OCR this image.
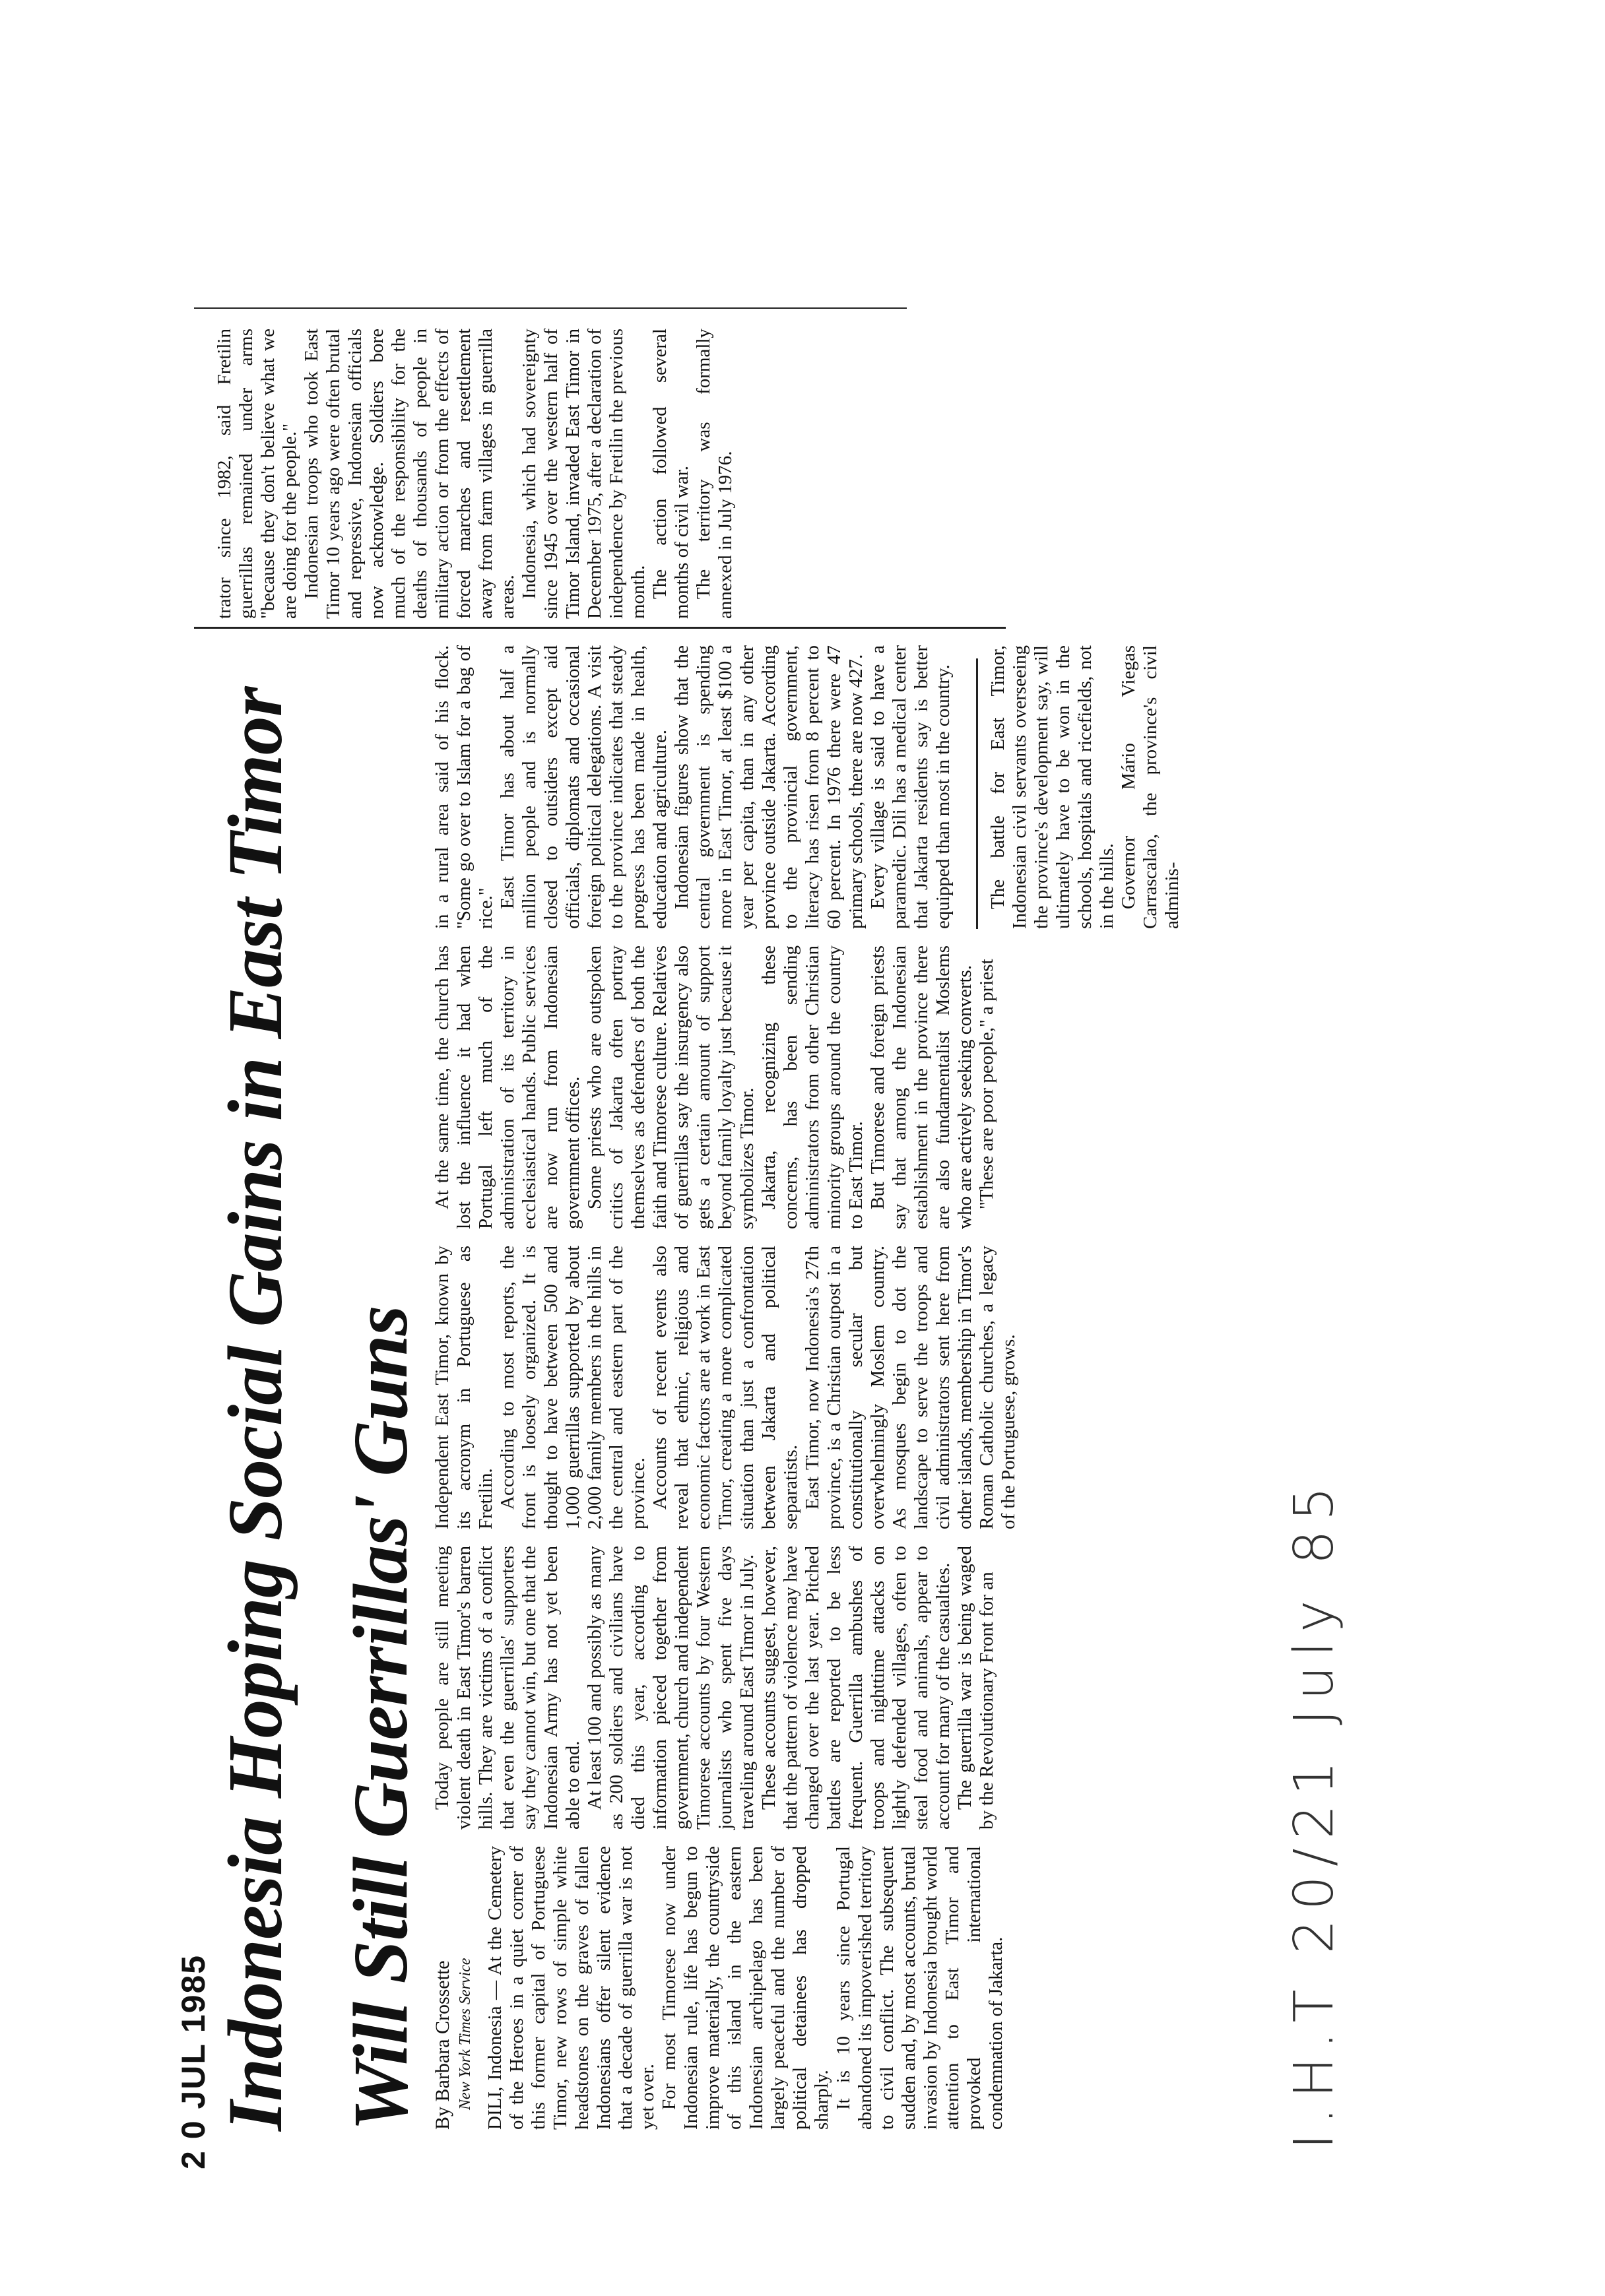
2 0 JUL 1985 Indonesia Hoping Social Gains in East Timor Will Still Guerrillas' Guns By Barbara Crossette New York Times Service DILI, Indonesia — At the Cemetery of the Heroes in a quiet corner of this former capital of Portuguese Timor, new rows of simple white headstones on the graves of fallen Indonesians offer silent evidence that a decade of guerrilla war is not yet over. For most Timorese now under Indonesian rule, life has begun to improve materially, the countryside of this island in the eastern Indonesian archipelago has been largely peaceful and the number of political detainees has dropped sharply. It is 10 years since Portugal abandoned its impoverished territory to civil conflict. The subsequent sudden and, by most accounts, brutal invasion by Indonesia brought world attention to East Timor and provoked international condemnation of Jakarta.

Today people are still meeting violent death in East Timor's barren hills. They are victims of a conflict that even the guerrillas' supporters say they cannot win, but one that the Indonesian Army has not yet been able to end. At least 100 and possibly as many as 200 soldiers and civilians have died this year, according to information pieced together from government, church and independent Timorese accounts by four Western journalists who spent five days traveling around East Timor in July. These accounts suggest, however, that the pattern of violence may have changed over the last year. Pitched battles are reported to be less frequent. Guerrilla ambushes of troops and nighttime attacks on lightly defended villages, often to steal food and animals, appear to account for many of the casualties. The guerrilla war is being waged by the Revolutionary Front for an

Independent East Timor, known by its acronym in Portuguese as Fretilin. According to most reports, the front is loosely organized. It is thought to have between 500 and 1,000 guerrillas supported by about 2,000 family members in the hills in the central and eastern part of the province. Accounts of recent events also reveal that ethnic, religious and economic factors are at work in East Timor, creating a more complicated situation than just a confrontation between Jakarta and political separatists. East Timor, now Indonesia's 27th province, is a Christian outpost in a constitutionally secular but overwhelmingly Moslem country. As mosques begin to dot the landscape to serve the troops and civil administrators sent here from other islands, membership in Timor's Roman Catholic churches, a legacy of the Portuguese, grows.

At the same time, the church has lost the influence it had when Portugal left much of the administration of its territory in ecclesiastical hands. Public services are now run from Indonesian government offices. Some priests who are outspoken critics of Jakarta often portray themselves as defenders of both the faith and Timorese culture. Relatives of guerrillas say the insurgency also gets a certain amount of support beyond family loyalty just because it symbolizes Timor. Jakarta, recognizing these concerns, has been sending administrators from other Christian minority groups around the country to East Timor. But Timorese and foreign priests say that among the Indonesian establishment in the province there are also fundamentalist Moslems who are actively seeking converts. "These are poor people," a priest

in a rural area said of his flock. "Some go over to Islam for a bag of rice." East Timor has about half a million people and is normally closed to outsiders except aid officials, diplomats and occasional foreign political delegations. A visit to the province indicates that steady progress has been made in health, education and agriculture. Indonesian figures show that the central government is spending more in East Timor, at least $100 a year per capita, than in any other province outside Jakarta. According to the provincial government, literacy has risen from 8 percent to 60 percent. In 1976 there were 47 primary schools, there are now 427. Every village is said to have a paramedic. Dili has a medical center that Jakarta residents say is better equipped than most in the country. The battle for East Timor, Indonesian civil servants overseeing the province's development say, will ultimately have to be won in the schools, hospitals and ricefields, not in the hills. Governor Mário Viegas Carrascalao, the province's civil adminis-

trator since 1982, said Fretilin guerrillas remained under arms "because they don't believe what we are doing for the people." Indonesian troops who took East Timor 10 years ago were often brutal and repressive, Indonesian officials now acknowledge. Soldiers bore much of the responsibility for the deaths of thousands of people in military action or from the effects of forced marches and resettlement away from farm villages in guerrilla areas. Indonesia, which had sovereignty since 1945 over the western half of Timor Island, invaded East Timor in December 1975, after a declaration of independence by Fretilin the previous month. The action followed several months of civil war. The territory was formally annexed in July 1976.

I.H.T 20/21 July 85
